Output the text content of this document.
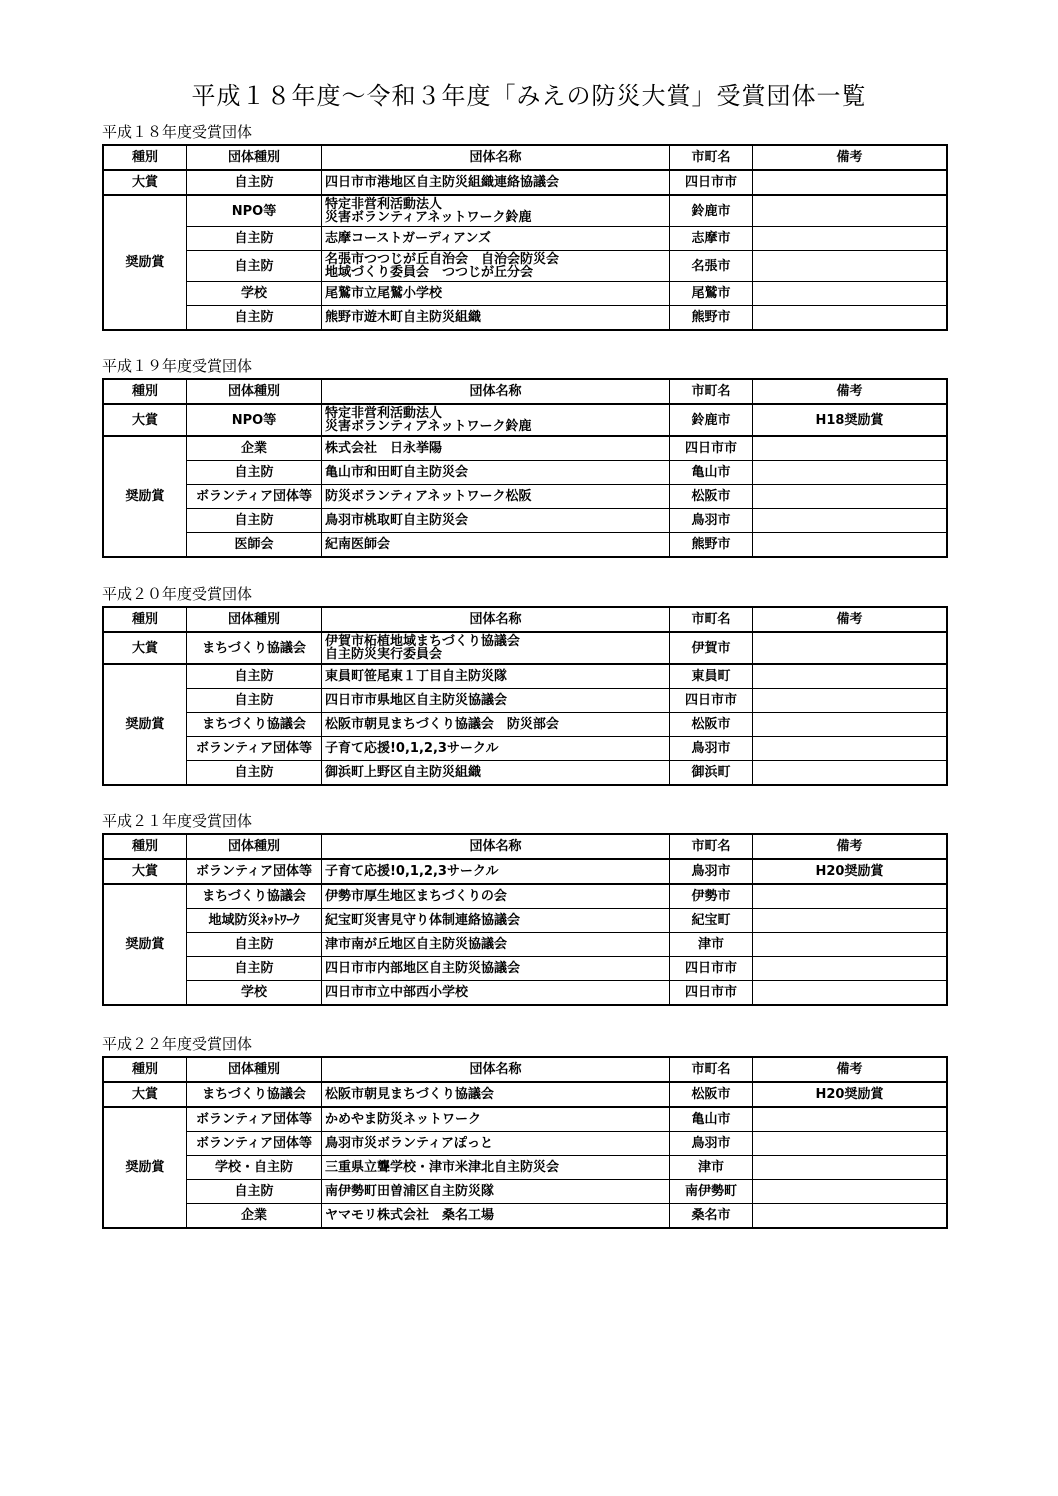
平成１８年度～令和３年度「みえの防災大賞」受賞団体一覧
平成１８年度受賞団体
種別	団体種別	団体名称	市町名	備考
大賞	自主防	四日市市港地区自主防災組織連絡協議会	四日市市	
奨励賞	NPO等	特定非営利活動法人
災害ボランティアネットワーク鈴鹿	鈴鹿市	
	自主防	志摩コーストガーディアンズ	志摩市	
	自主防	名張市つつじが丘自治会　自治会防災会
地域づくり委員会　つつじが丘分会	名張市	
	学校	尾鷲市立尾鷲小学校	尾鷲市	
	自主防	熊野市遊木町自主防災組織	熊野市	
平成１９年度受賞団体
種別	団体種別	団体名称	市町名	備考
大賞	NPO等	特定非営利活動法人
災害ボランティアネットワーク鈴鹿	鈴鹿市	H18奨励賞
奨励賞	企業	株式会社　日永挙陽	四日市市	
	自主防	亀山市和田町自主防災会	亀山市	
	ボランティア団体等	防災ボランティアネットワーク松阪	松阪市	
	自主防	鳥羽市桃取町自主防災会	鳥羽市	
	医師会	紀南医師会	熊野市	
平成２０年度受賞団体
種別	団体種別	団体名称	市町名	備考
大賞	まちづくり協議会	伊賀市柘植地域まちづくり協議会
自主防災実行委員会	伊賀市	
奨励賞	自主防	東員町笹尾東１丁目自主防災隊	東員町	
	自主防	四日市市県地区自主防災協議会	四日市市	
	まちづくり協議会	松阪市朝見まちづくり協議会　防災部会	松阪市	
	ボランティア団体等	子育て応援!0,1,2,3サークル	鳥羽市	
	自主防	御浜町上野区自主防災組織	御浜町	
平成２１年度受賞団体
種別	団体種別	団体名称	市町名	備考
大賞	ボランティア団体等	子育て応援!0,1,2,3サークル	鳥羽市	H20奨励賞
奨励賞	まちづくり協議会	伊勢市厚生地区まちづくりの会	伊勢市	
	地域防災ﾈｯﾄﾜｰｸ	紀宝町災害見守り体制連絡協議会	紀宝町	
	自主防	津市南が丘地区自主防災協議会	津市	
	自主防	四日市市内部地区自主防災協議会	四日市市	
	学校	四日市市立中部西小学校	四日市市	
平成２２年度受賞団体
種別	団体種別	団体名称	市町名	備考
大賞	まちづくり協議会	松阪市朝見まちづくり協議会	松阪市	H20奨励賞
奨励賞	ボランティア団体等	かめやま防災ネットワーク	亀山市	
	ボランティア団体等	鳥羽市災ボランティアぽっと	鳥羽市	
	学校・自主防	三重県立聾学校・津市米津北自主防災会	津市	
	自主防	南伊勢町田曽浦区自主防災隊	南伊勢町	
	企業	ヤマモリ株式会社　桑名工場	桑名市	
